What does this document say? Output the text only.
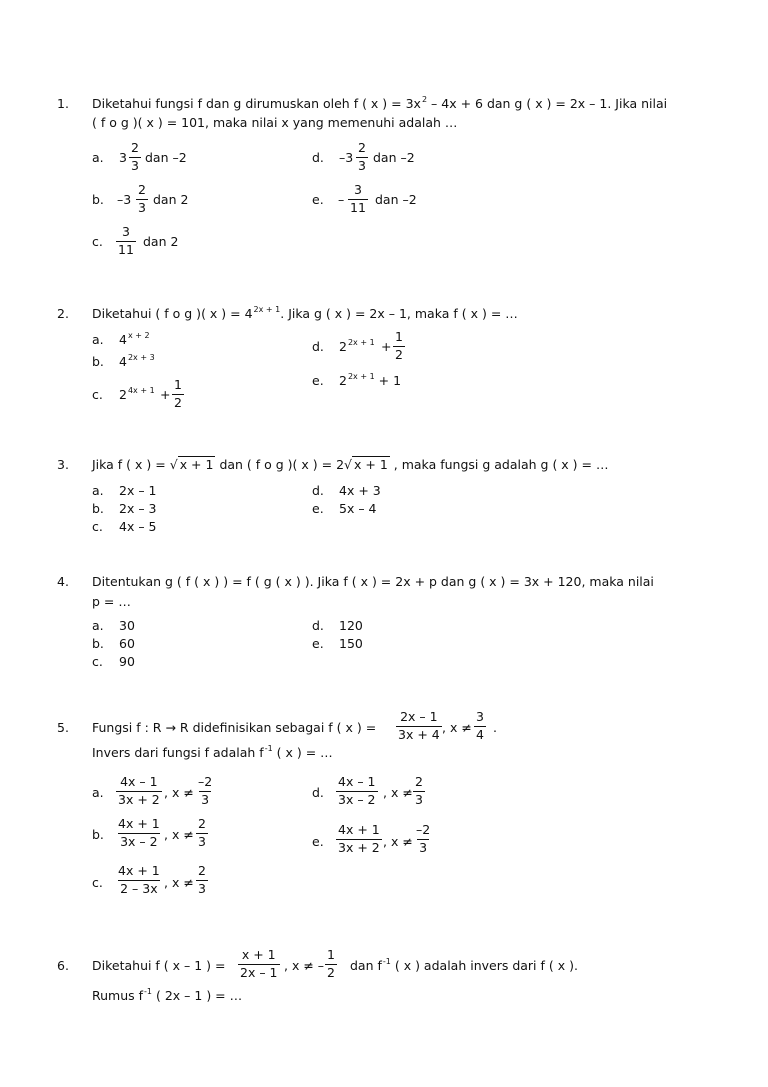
1. Diketahui fungsi f dan g dirumuskan oleh f ( x ) = $3x^2 - 4x + 6$ dan g ( x ) = 2x – 1. Jika nilai
( f o g )( x ) = 101, maka nilai x yang memenuhi adalah …
a. $3 \frac{2}{3}$ dan –2	d. $-3 \frac{2}{3}$ dan –2
b. $-3 \frac{2}{3}$ dan 2	e. – $\frac{3}{11}$ dan –2
c. $\frac{3}{11}$ dan 2
2. Diketahui ( f o g )( x ) = $4^{2x + 1}$. Jika g ( x ) = 2x – 1, maka f ( x ) = …
a. $4^{x + 2}$
b. $4^{2x + 3}$
c. $2^{4x + 1} + \frac{1}{2}$
d. $2^{2x + 1} + \frac{1}{2}$
e. $2^{2x + 1} + 1$
3. Jika f ( x ) = √ x + 1 dan ( f o g )( x ) = 2√ x + 1 , maka fungsi g adalah g ( x ) = …
a. 2x – 1
b. 2x – 3
c. 4x – 5
d. 4x + 3
e. 5x – 4
4. Ditentukan g ( f ( x ) ) = f ( g ( x ) ). Jika f ( x ) = 2x + p dan g ( x ) = 3x + 120, maka nilai
p = …
a. 30
b. 60
c. 90
d. 120
e. 150
5. Fungsi f : R → R didefinisikan sebagai f ( x ) = $\frac{2x - 1}{3x + 4}$ , $x \ne \frac{3}{4}$ .
Invers dari fungsi f adalah $f^{-1}$ ( x ) = …
a. $\frac{4x - 1}{3x + 2}$ , $x \ne \frac{-2}{3}$
b. $\frac{4x + 1}{3x - 2}$ , $x \ne \frac{2}{3}$
c. $\frac{4x + 1}{2 - 3x}$ , $x \ne \frac{2}{3}$
d. $\frac{4x - 1}{3x - 2}$ , $x \ne \frac{2}{3}$
e. $\frac{4x + 1}{3x + 2}$ , $x \ne \frac{-2}{3}$
6. Diketahui f ( x – 1 ) = $\frac{x + 1}{2x - 1}$ , x ≠ – $\frac{1}{2}$ dan $f^{-1}$ ( x ) adalah invers dari f ( x ).
Rumus $f^{-1}$ ( 2x – 1 ) = …
